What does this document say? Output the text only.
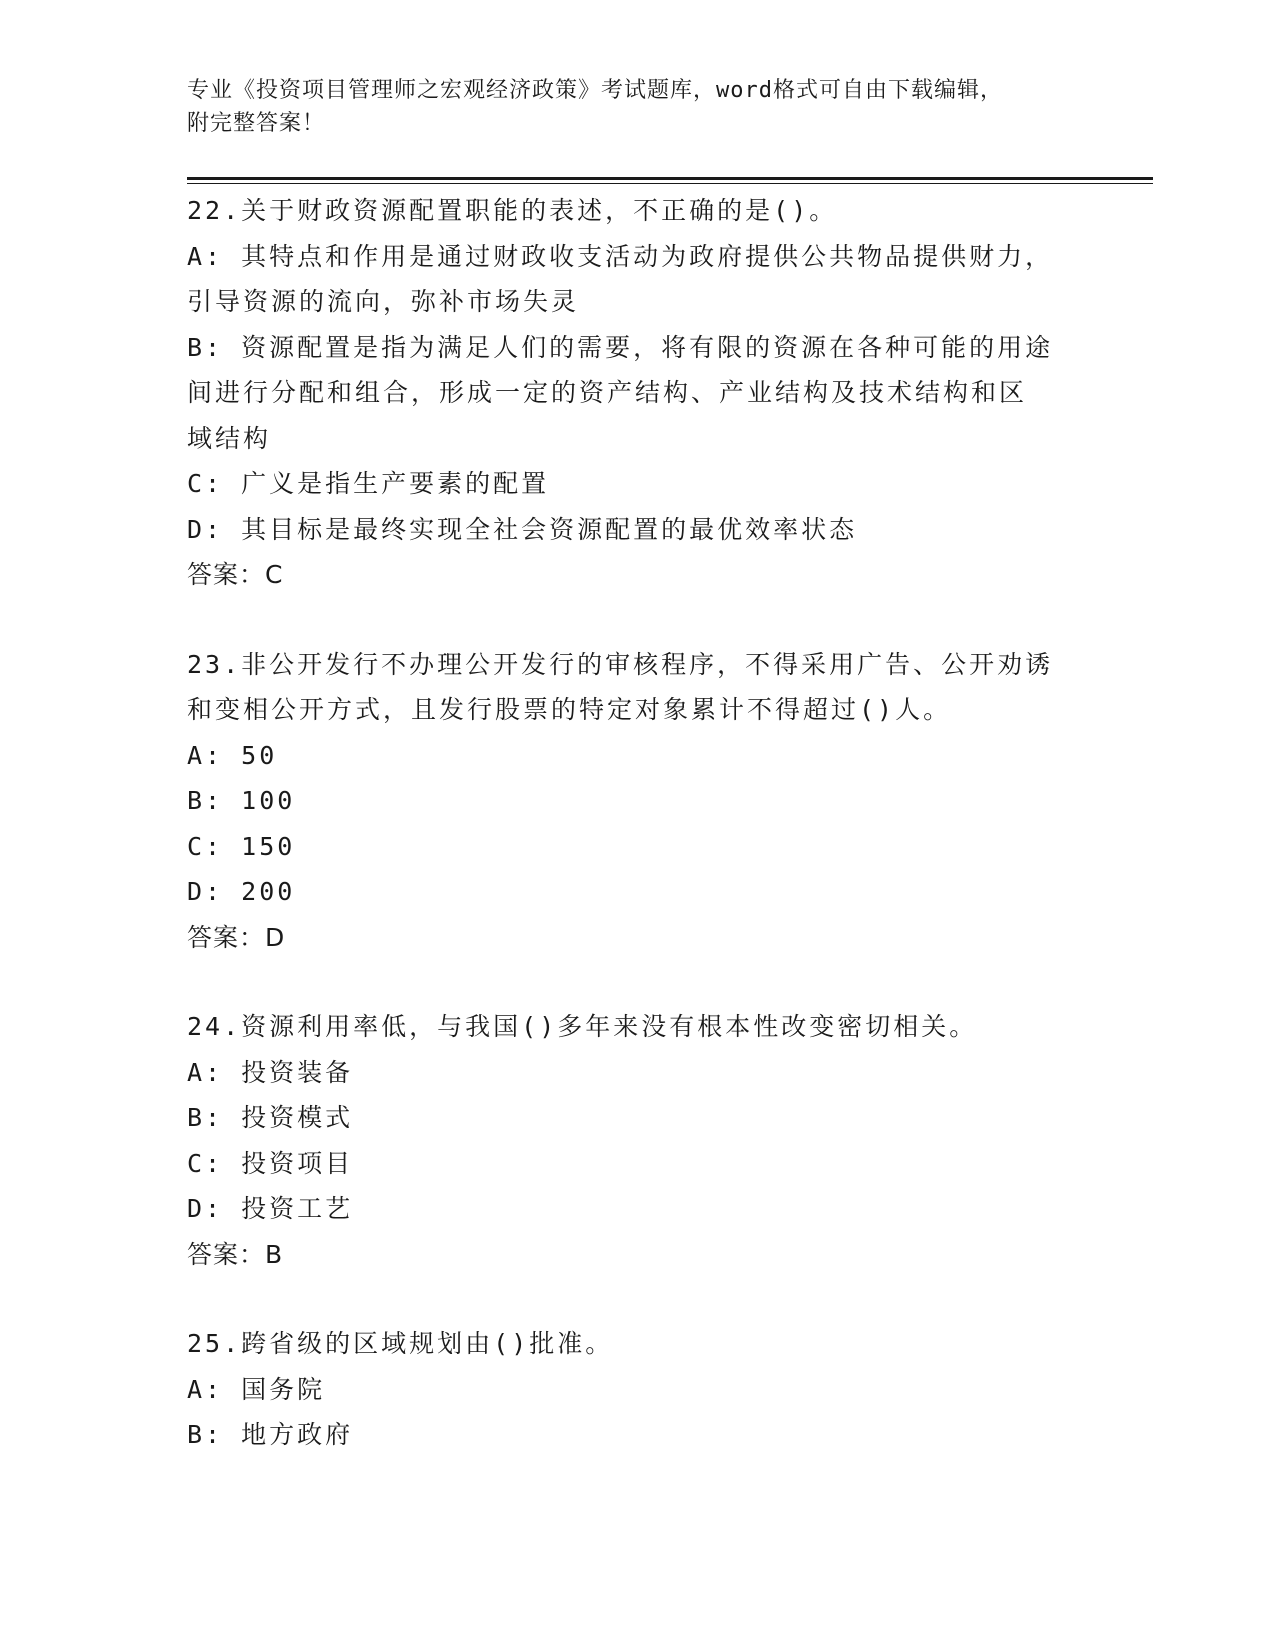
专业《投资项目管理师之宏观经济政策》考试题库，word格式可自由下载编辑，
附完整答案！
22.关于财政资源配置职能的表述，不正确的是()。
A: 其特点和作用是通过财政收支活动为政府提供公共物品提供财力，
引导资源的流向，弥补市场失灵
B: 资源配置是指为满足人们的需要，将有限的资源在各种可能的用途
间进行分配和组合，形成一定的资产结构、产业结构及技术结构和区
域结构
C: 广义是指生产要素的配置
D: 其目标是最终实现全社会资源配置的最优效率状态
答案：C
23.非公开发行不办理公开发行的审核程序，不得采用广告、公开劝诱
和变相公开方式，且发行股票的特定对象累计不得超过()人。
A: 50
B: 100
C: 150
D: 200
答案：D
24.资源利用率低，与我国()多年来没有根本性改变密切相关。
A: 投资装备
B: 投资模式
C: 投资项目
D: 投资工艺
答案：B
25.跨省级的区域规划由()批准。
A: 国务院
B: 地方政府
